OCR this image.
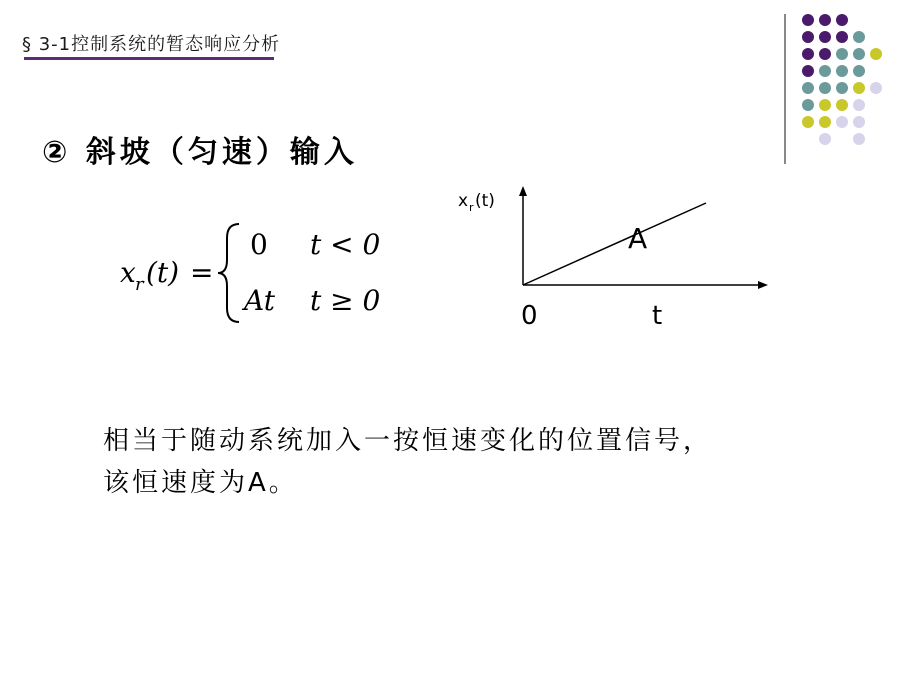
§ 3-1控制系统的暂态响应分析
② 斜坡（匀速）输入
x r (t) =
0 t < 0
At t ≥ 0
x r (t)
A
0	t

相当于随动系统加入一按恒速变化的位置信号，

该恒速度为A。
